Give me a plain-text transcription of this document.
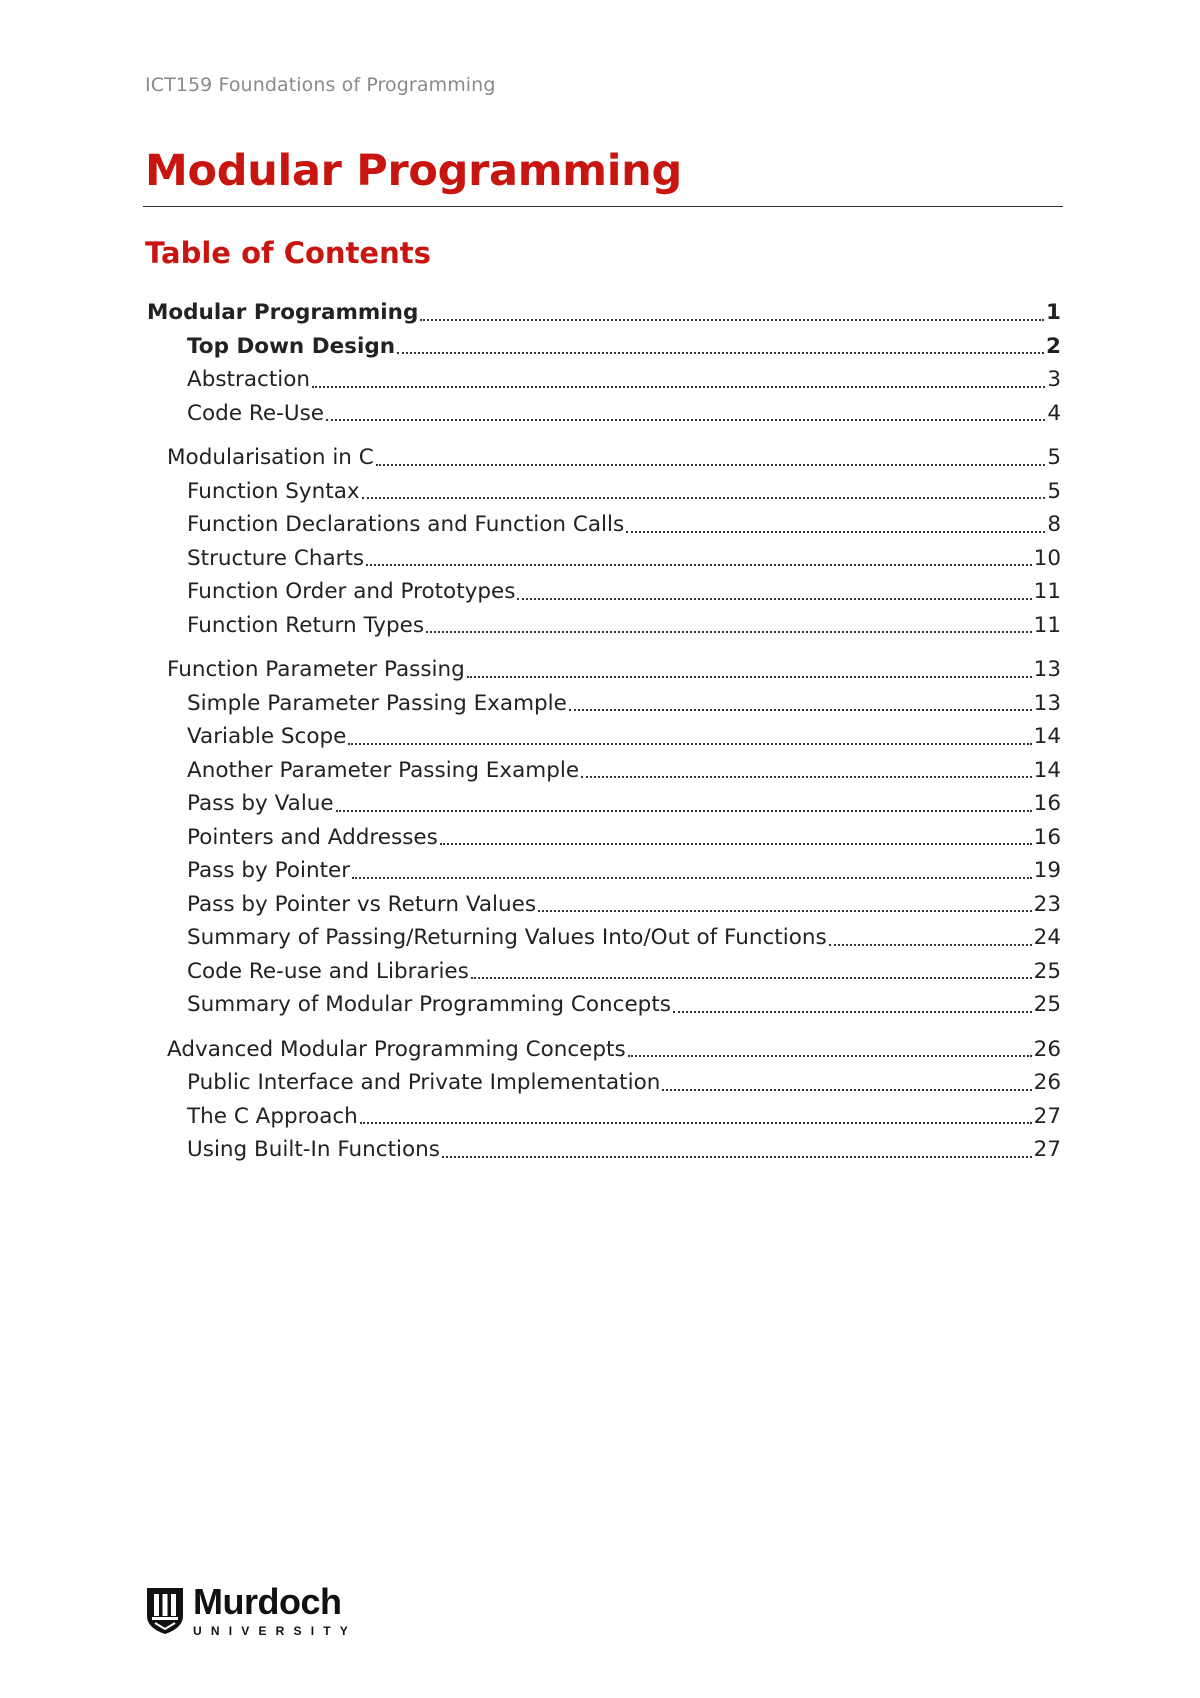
ICT159 Foundations of Programming
Modular Programming
Table of Contents
Modular Programming	1
Top Down Design	2
Abstraction	3
Code Re-Use	4
Modularisation in C	5
Function Syntax	5
Function Declarations and Function Calls	8
Structure Charts	10
Function Order and Prototypes	11
Function Return Types	11
Function Parameter Passing	13
Simple Parameter Passing Example	13
Variable Scope	14
Another Parameter Passing Example	14
Pass by Value	16
Pointers and Addresses	16
Pass by Pointer	19
Pass by Pointer vs Return Values	23
Summary of Passing/Returning Values Into/Out of Functions	24
Code Re-use and Libraries	25
Summary of Modular Programming Concepts	25
Advanced Modular Programming Concepts	26
Public Interface and Private Implementation	26
The C Approach	27
Using Built-In Functions	27
Murdoch
UNIVERSITY
